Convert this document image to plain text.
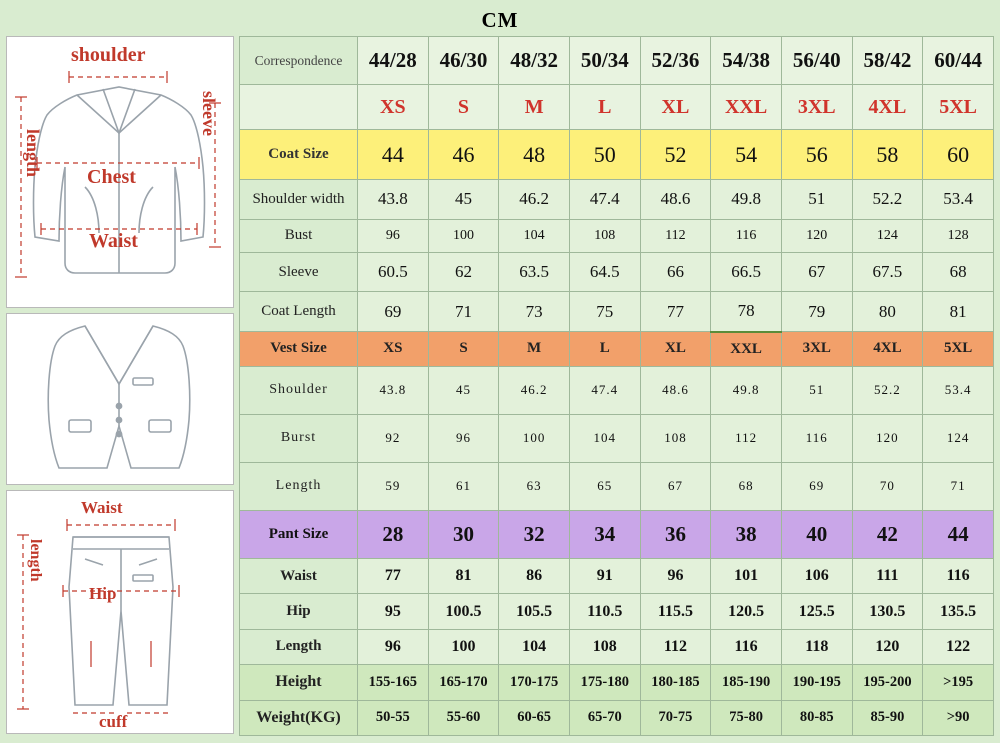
CM
shoulder
sleeve
length Chest
Waist
Waist
length
Hip
cuff
Correspondence	44/28	46/30	48/32	50/34	52/36	54/38	56/40	58/42	60/44
	XS	S	M	L	XL	XXL	3XL	4XL	5XL
Coat Size	44	46	48	50	52	54	56	58	60
Shoulder width	43.8	45	46.2	47.4	48.6	49.8	51	52.2	53.4
Bust	96	100	104	108	112	116	120	124	128
Sleeve	60.5	62	63.5	64.5	66	66.5	67	67.5	68
Coat Length	69	71	73	75	77	78	79	80	81
Vest Size	XS	S	M	L	XL	XXL	3XL	4XL	5XL
Shoulder	43.8	45	46.2	47.4	48.6	49.8	51	52.2	53.4
Burst	92	96	100	104	108	112	116	120	124
Length	59	61	63	65	67	68	69	70	71
Pant Size	28	30	32	34	36	38	40	42	44
Waist	77	81	86	91	96	101	106	111	116
Hip	95	100.5	105.5	110.5	115.5	120.5	125.5	130.5	135.5
Length	96	100	104	108	112	116	118	120	122
Height	155-165	165-170	170-175	175-180	180-185	185-190	190-195	195-200	>195
Weight(KG)	50-55	55-60	60-65	65-70	70-75	75-80	80-85	85-90	>90
